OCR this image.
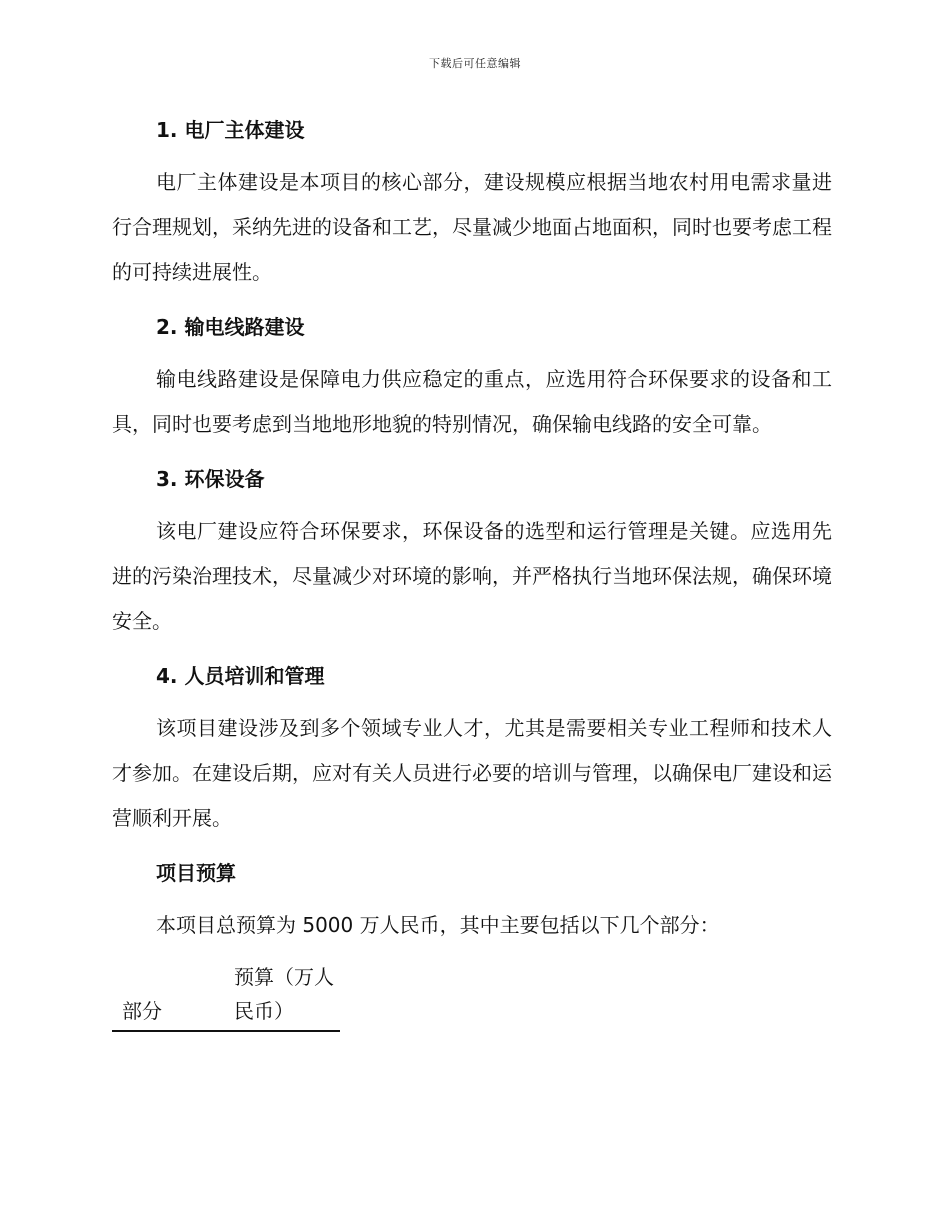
下载后可任意编辑
1. 电厂主体建设

电厂主体建设是本项目的核心部分，建设规模应根据当地农村用电需求量进行合理规划，采纳先进的设备和工艺，尽量减少地面占地面积，同时也要考虑工程的可持续进展性。

2. 输电线路建设

输电线路建设是保障电力供应稳定的重点，应选用符合环保要求的设备和工具，同时也要考虑到当地地形地貌的特别情况，确保输电线路的安全可靠。

3. 环保设备

该电厂建设应符合环保要求，环保设备的选型和运行管理是关键。应选用先进的污染治理技术，尽量减少对环境的影响，并严格执行当地环保法规，确保环境安全。

4. 人员培训和管理

该项目建设涉及到多个领域专业人才，尤其是需要相关专业工程师和技术人才参加。在建设后期，应对有关人员进行必要的培训与管理，以确保电厂建设和运营顺利开展。

项目预算

本项目总预算为 5000 万人民币，其中主要包括以下几个部分：

部分	预算（万人民币）
